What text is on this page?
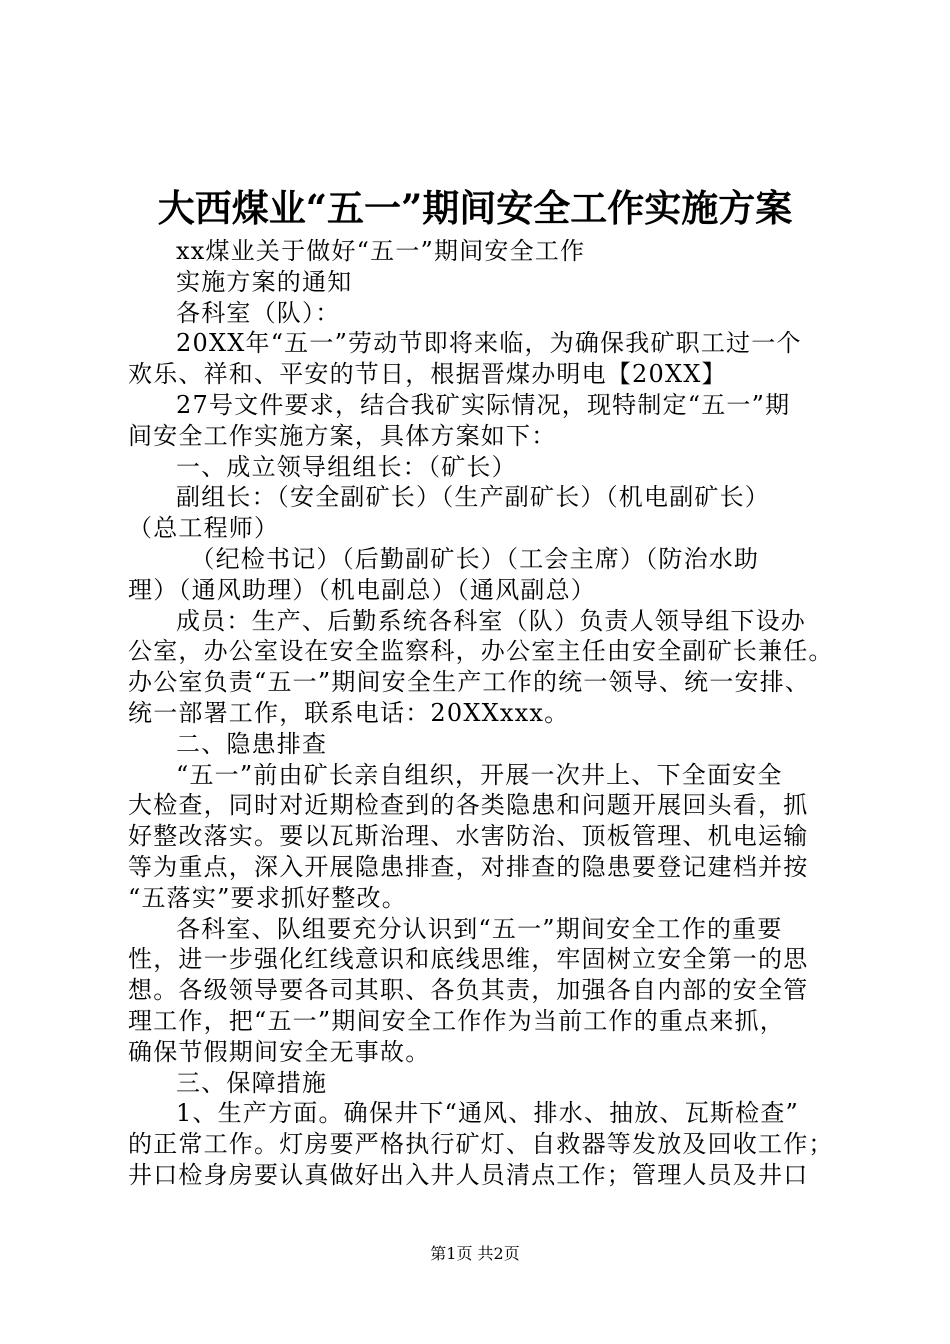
大西煤业“五一”期间安全工作实施方案

xx煤业关于做好“五一”期间安全工作

实施方案的通知

各科室（队）：

20XX年“五一”劳动节即将来临，为确保我矿职工过一个

欢乐、祥和、平安的节日，根据晋煤办明电【20XX】

27号文件要求，结合我矿实际情况，现特制定“五一”期

间安全工作实施方案，具体方案如下：

一、成立领导组组长：（矿长）

副组长：（安全副矿长）（生产副矿长）（机电副矿长）

（总工程师）

（纪检书记）（后勤副矿长）（工会主席）（防治水助

理）（通风助理）（机电副总）（通风副总）

成员：生产、后勤系统各科室（队）负责人领导组下设办

公室，办公室设在安全监察科，办公室主任由安全副矿长兼任。

办公室负责“五一”期间安全生产工作的统一领导、统一安排、

统一部署工作，联系电话：20XXxxx。

二、隐患排查

“五一”前由矿长亲自组织，开展一次井上、下全面安全

大检查，同时对近期检查到的各类隐患和问题开展回头看，抓

好整改落实。要以瓦斯治理、水害防治、顶板管理、机电运输

等为重点，深入开展隐患排查，对排查的隐患要登记建档并按

“五落实”要求抓好整改。

各科室、队组要充分认识到“五一”期间安全工作的重要

性，进一步强化红线意识和底线思维，牢固树立安全第一的思

想。各级领导要各司其职、各负其责，加强各自内部的安全管

理工作，把“五一”期间安全工作作为当前工作的重点来抓，

确保节假期间安全无事故。

三、保障措施

1、生产方面。确保井下“通风、排水、抽放、瓦斯检查”

的正常工作。灯房要严格执行矿灯、自救器等发放及回收工作；

井口检身房要认真做好出入井人员清点工作；管理人员及井口

第1页 共2页
